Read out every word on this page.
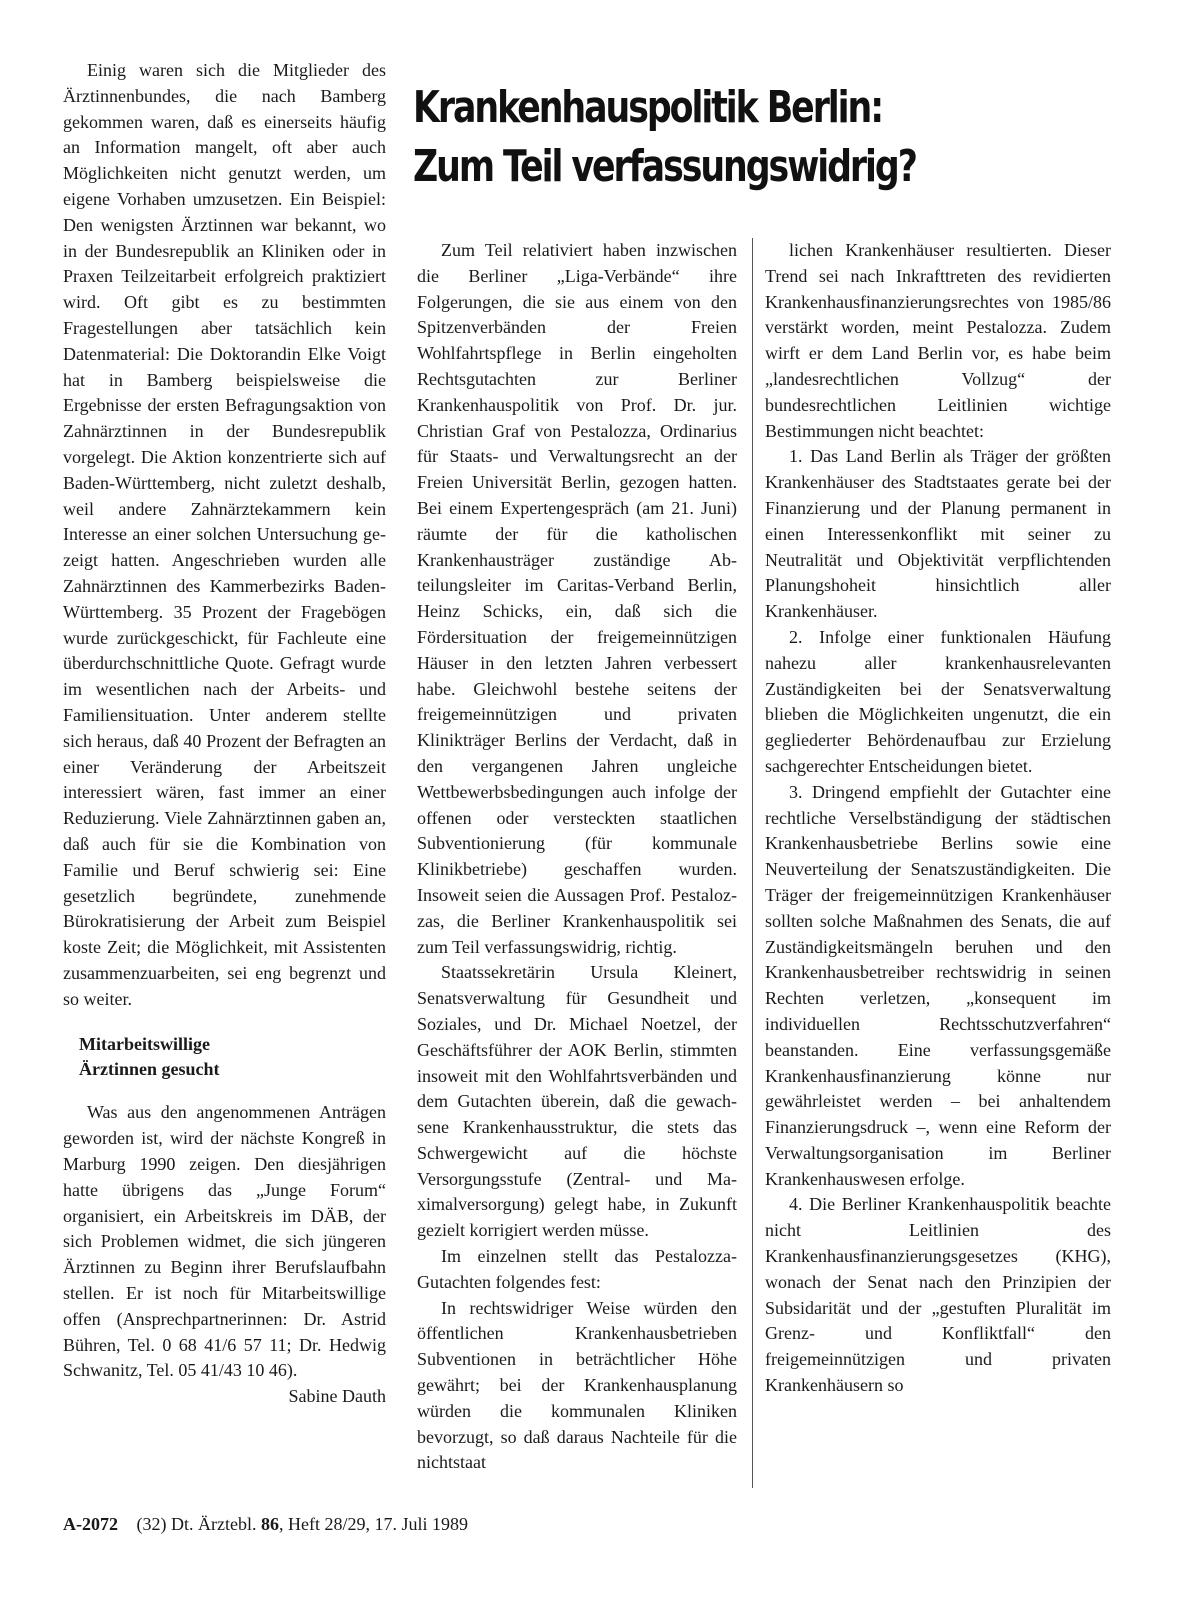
Einig waren sich die Mitglieder des Ärztinnenbundes, die nach Bamberg gekommen waren, daß es einerseits häufig an Information mangelt, oft aber auch Möglichkeiten nicht genutzt werden, um eigene Vorhaben umzusetzen. Ein Beispiel: Den wenigsten Ärztinnen war bekannt, wo in der Bundesrepublik an Kliniken oder in Praxen Teilzeitarbeit erfolgreich praktiziert wird. Oft gibt es zu bestimmten Fragestellungen aber tatsächlich kein Datenmaterial: Die Doktorandin Elke Voigt hat in Bamberg beispielsweise die Ergebnisse der ersten Befragungsaktion von Zahnärztinnen in der Bundesrepublik vorgelegt. Die Aktion konzentrierte sich auf Baden-Württemberg, nicht zuletzt deshalb, weil andere Zahnärztekammern kein Interesse an einer solchen Untersuchung gezeigt hatten. Angeschrieben wurden alle Zahnärztinnen des Kammerbezirks Baden-Württemberg. 35 Prozent der Fragebögen wurde zurückgeschickt, für Fachleute eine überdurchschnittliche Quote. Gefragt wurde im wesentlichen nach der Arbeits- und Familiensituation. Unter anderem stellte sich heraus, daß 40 Prozent der Befragten an einer Veränderung der Arbeitszeit interessiert wären, fast immer an einer Reduzierung. Viele Zahnärztinnen gaben an, daß auch für sie die Kombination von Familie und Beruf schwierig sei: Eine gesetzlich begründete, zunehmende Bürokratisierung der Arbeit zum Beispiel koste Zeit; die Möglichkeit, mit Assistenten zusammenzuarbeiten, sei eng begrenzt und so weiter.

Mitarbeitswillige
Ärztinnen gesucht

Was aus den angenommenen Anträgen geworden ist, wird der nächste Kongreß in Marburg 1990 zeigen. Den diesjährigen hatte übrigens das „Junge Forum“ organisiert, ein Arbeitskreis im DÄB, der sich Problemen widmet, die sich jüngeren Ärztinnen zu Beginn ihrer Berufslaufbahn stellen. Er ist noch für Mitarbeitswillige offen (Ansprechpartnerinnen: Dr. Astrid Bühren, Tel. 0 68 41/6 57 11; Dr. Hedwig Schwanitz, Tel. 05 41/43 10 46).

Sabine Dauth

Krankenhauspolitik Berlin:
Zum Teil verfassungswidrig?

Zum Teil relativiert haben inzwischen die Berliner „Liga-Verbände“ ihre Folgerungen, die sie aus einem von den Spitzenverbänden der Freien Wohlfahrtspflege in Berlin eingeholten Rechtsgutachten zur Berliner Krankenhauspolitik von Prof. Dr. jur. Christian Graf von Pestalozza, Ordinarius für Staats- und Verwaltungsrecht an der Freien Universität Berlin, gezogen hatten. Bei einem Expertengespräch (am 21. Juni) räumte der für die katholischen Krankenhausträger zuständige Abteilungsleiter im Caritas-Verband Berlin, Heinz Schicks, ein, daß sich die Fördersituation der freigemeinnützigen Häuser in den letzten Jahren verbessert habe. Gleichwohl bestehe seitens der freigemeinnützigen und privaten Klinikträger Berlins der Verdacht, daß in den vergangenen Jahren ungleiche Wettbewerbsbedingungen auch infolge der offenen oder versteckten staatlichen Subventionierung (für kommunale Klinikbetriebe) geschaffen wurden. Insoweit seien die Aussagen Prof. Pestalozzas, die Berliner Krankenhauspolitik sei zum Teil verfassungswidrig, richtig.

Staatssekretärin Ursula Kleinert, Senatsverwaltung für Gesundheit und Soziales, und Dr. Michael Noetzel, der Geschäftsführer der AOK Berlin, stimmten insoweit mit den Wohlfahrtsverbänden und dem Gutachten überein, daß die gewachsene Krankenhausstruktur, die stets das Schwergewicht auf die höchste Versorgungsstufe (Zentral- und Maximalversorgung) gelegt habe, in Zukunft gezielt korrigiert werden müsse.

Im einzelnen stellt das Pestalozza-Gutachten folgendes fest:

In rechtswidriger Weise würden den öffentlichen Krankenhausbetrieben Subventionen in beträchtlicher Höhe gewährt; bei der Krankenhausplanung würden die kommunalen Kliniken bevorzugt, so daß daraus Nachteile für die nichtstaat

lichen Krankenhäuser resultierten. Dieser Trend sei nach Inkrafttreten des revidierten Krankenhausfinanzierungsrechtes von 1985/86 verstärkt worden, meint Pestalozza. Zudem wirft er dem Land Berlin vor, es habe beim „landesrechtlichen Vollzug“ der bundesrechtlichen Leitlinien wichtige Bestimmungen nicht beachtet:

1. Das Land Berlin als Träger der größten Krankenhäuser des Stadtstaates gerate bei der Finanzierung und der Planung permanent in einen Interessenkonflikt mit seiner zu Neutralität und Objektivität verpflichtenden Planungshoheit hinsichtlich aller Krankenhäuser.

2. Infolge einer funktionalen Häufung nahezu aller krankenhausrelevanten Zuständigkeiten bei der Senatsverwaltung blieben die Möglichkeiten ungenutzt, die ein gegliederter Behördenaufbau zur Erzielung sachgerechter Entscheidungen bietet.

3. Dringend empfiehlt der Gutachter eine rechtliche Verselbständigung der städtischen Krankenhausbetriebe Berlins sowie eine Neuverteilung der Senatszuständigkeiten. Die Träger der freigemeinnützigen Krankenhäuser sollten solche Maßnahmen des Senats, die auf Zuständigkeitsmängeln beruhen und den Krankenhausbetreiber rechtswidrig in seinen Rechten verletzen, „konsequent im individuellen Rechtsschutzverfahren“ beanstanden. Eine verfassungsgemäße Krankenhausfinanzierung könne nur gewährleistet werden – bei anhaltendem Finanzierungsdruck –, wenn eine Reform der Verwaltungsorganisation im Berliner Krankenhauswesen erfolge.

4. Die Berliner Krankenhauspolitik beachte nicht Leitlinien des Krankenhausfinanzierungsgesetzes (KHG), wonach der Senat nach den Prinzipien der Subsidarität und der „gestuften Pluralität im Grenz- und Konfliktfall“ den freigemeinnützigen und privaten Krankenhäusern so

A-2072 (32) Dt. Ärztebl. 86, Heft 28/29, 17. Juli 1989
